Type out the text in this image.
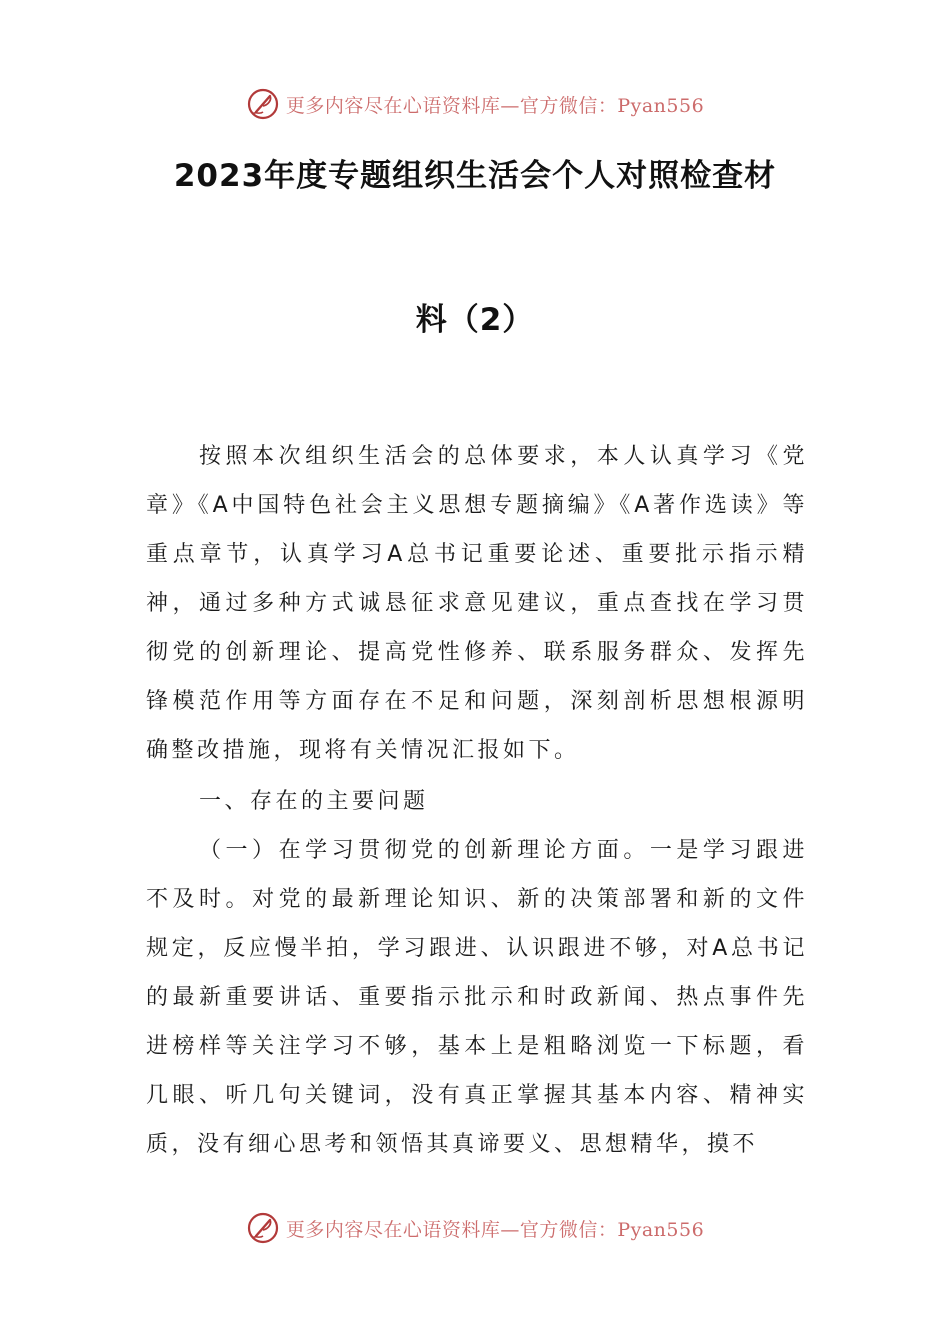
更多内容尽在心语资料库—官方微信：Pyan556
2023年度专题组织生活会个人对照检查材
料（2）

按照本次组织生活会的总体要求，本人认真学习《党章》《A中国特色社会主义思想专题摘编》《A著作选读》等重点章节，认真学习A总书记重要论述、重要批示指示精神，通过多种方式诚恳征求意见建议，重点查找在学习贯彻党的创新理论、提高党性修养、联系服务群众、发挥先锋模范作用等方面存在不足和问题，深刻剖析思想根源明确整改措施，现将有关情况汇报如下。

一、存在的主要问题

（一）在学习贯彻党的创新理论方面。一是学习跟进不及时。对党的最新理论知识、新的决策部署和新的文件规定，反应慢半拍，学习跟进、认识跟进不够，对A总书记的最新重要讲话、重要指示批示和时政新闻、热点事件先进榜样等关注学习不够，基本上是粗略浏览一下标题，看几眼、听几句关键词，没有真正掌握其基本内容、精神实质，没有细心思考和领悟其真谛要义、思想精华，摸不

更多内容尽在心语资料库—官方微信：Pyan556
